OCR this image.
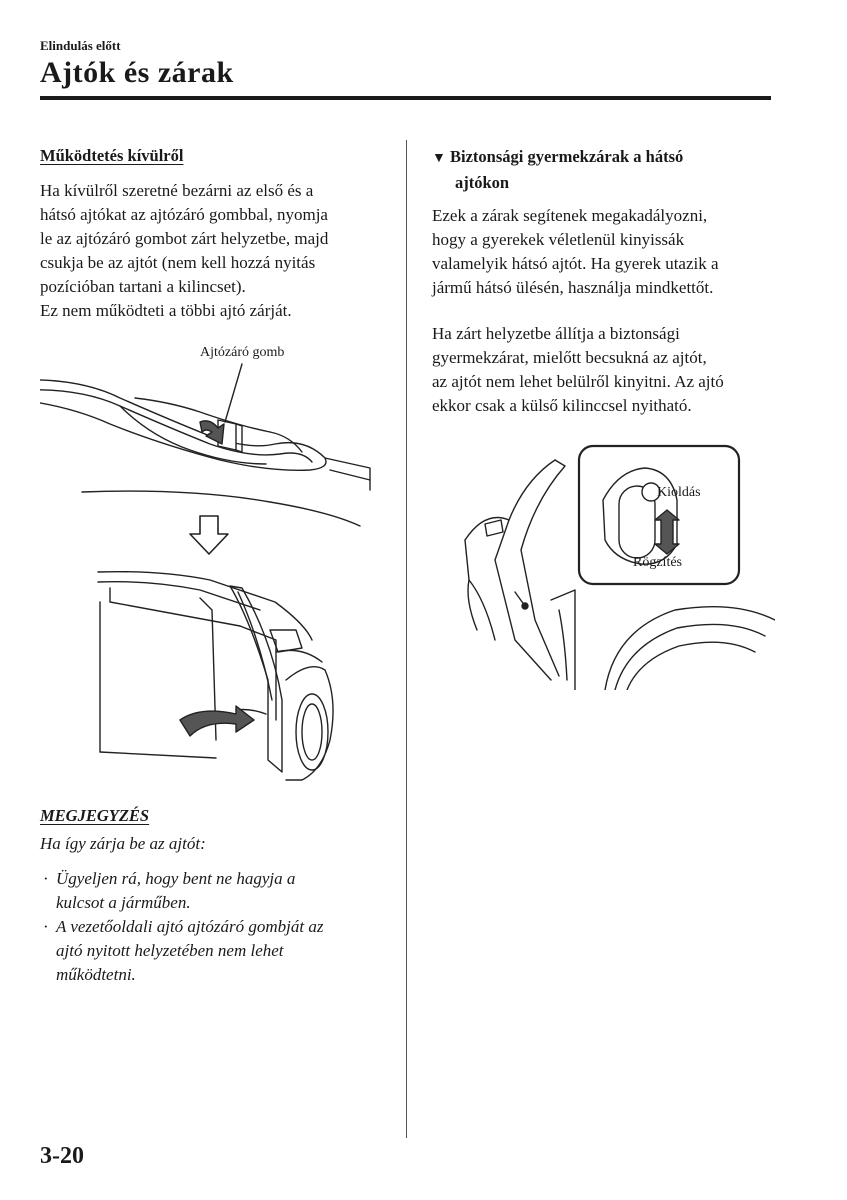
Elindulás előtt
Ajtók és zárak
Működtetés kívülről
Ha kívülről szeretné bezárni az első és a
hátsó ajtókat az ajtózáró gombbal, nyomja
le az ajtózáró gombot zárt helyzetbe, majd
csukja be az ajtót (nem kell hozzá nyitás
pozícióban tartani a kilincset).
Ez nem működteti a többi ajtó zárját.
Ajtózáró gomb
MEGJEGYZÉS
Ha így zárja be az ajtót:
· Ügyeljen rá, hogy bent ne hagyja a
kulcsot a járműben.
· A vezetőoldali ajtó ajtózáró gombját az
ajtó nyitott helyzetében nem lehet
működtetni.
▼ Biztonsági gyermekzárak a hátsó
ajtókon
Ezek a zárak segítenek megakadályozni,
hogy a gyerekek véletlenül kinyissák
valamelyik hátsó ajtót. Ha gyerek utazik a
jármű hátsó ülésén, használja mindkettőt.
Ha zárt helyzetbe állítja a biztonsági
gyermekzárat, mielőtt becsukná az ajtót,
az ajtót nem lehet belülről kinyitni. Az ajtó
ekkor csak a külső kilinccsel nyitható.
Kioldás
Rögzítés
3-20
